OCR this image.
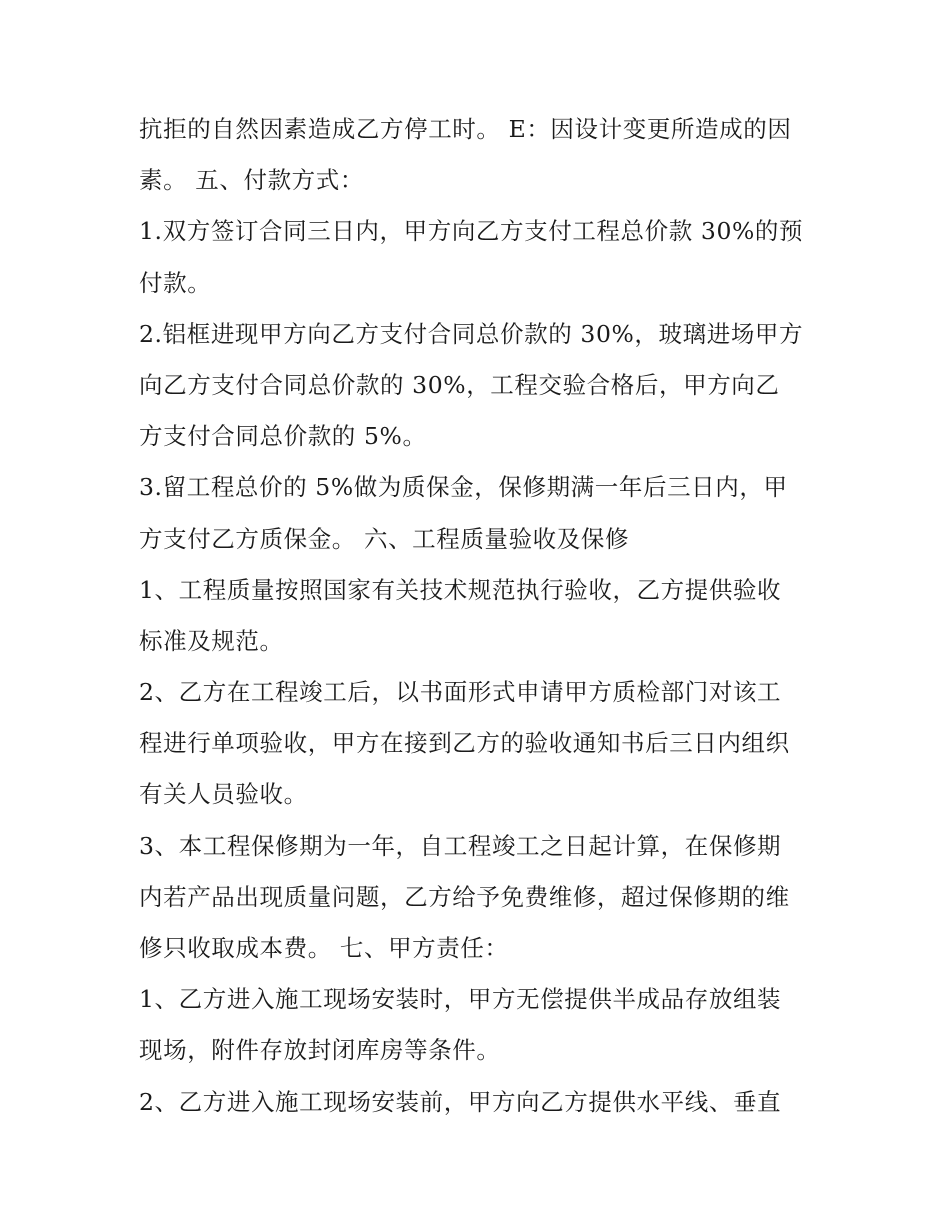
抗拒的自然因素造成乙方停工时。 E：因设计变更所造成的因
素。 五、付款方式：
1.双方签订合同三日内，甲方向乙方支付工程总价款 30%的预
付款。
2.铝框进现甲方向乙方支付合同总价款的 30%，玻璃进场甲方
向乙方支付合同总价款的 30%，工程交验合格后，甲方向乙
方支付合同总价款的 5%。
3.留工程总价的 5%做为质保金，保修期满一年后三日内，甲
方支付乙方质保金。 六、工程质量验收及保修
1、工程质量按照国家有关技术规范执行验收，乙方提供验收
标准及规范。
2、乙方在工程竣工后，以书面形式申请甲方质检部门对该工
程进行单项验收，甲方在接到乙方的验收通知书后三日内组织
有关人员验收。
3、本工程保修期为一年，自工程竣工之日起计算，在保修期
内若产品出现质量问题，乙方给予免费维修，超过保修期的维
修只收取成本费。 七、甲方责任：
1、乙方进入施工现场安装时，甲方无偿提供半成品存放组装
现场，附件存放封闭库房等条件。
2、乙方进入施工现场安装前，甲方向乙方提供水平线、垂直
